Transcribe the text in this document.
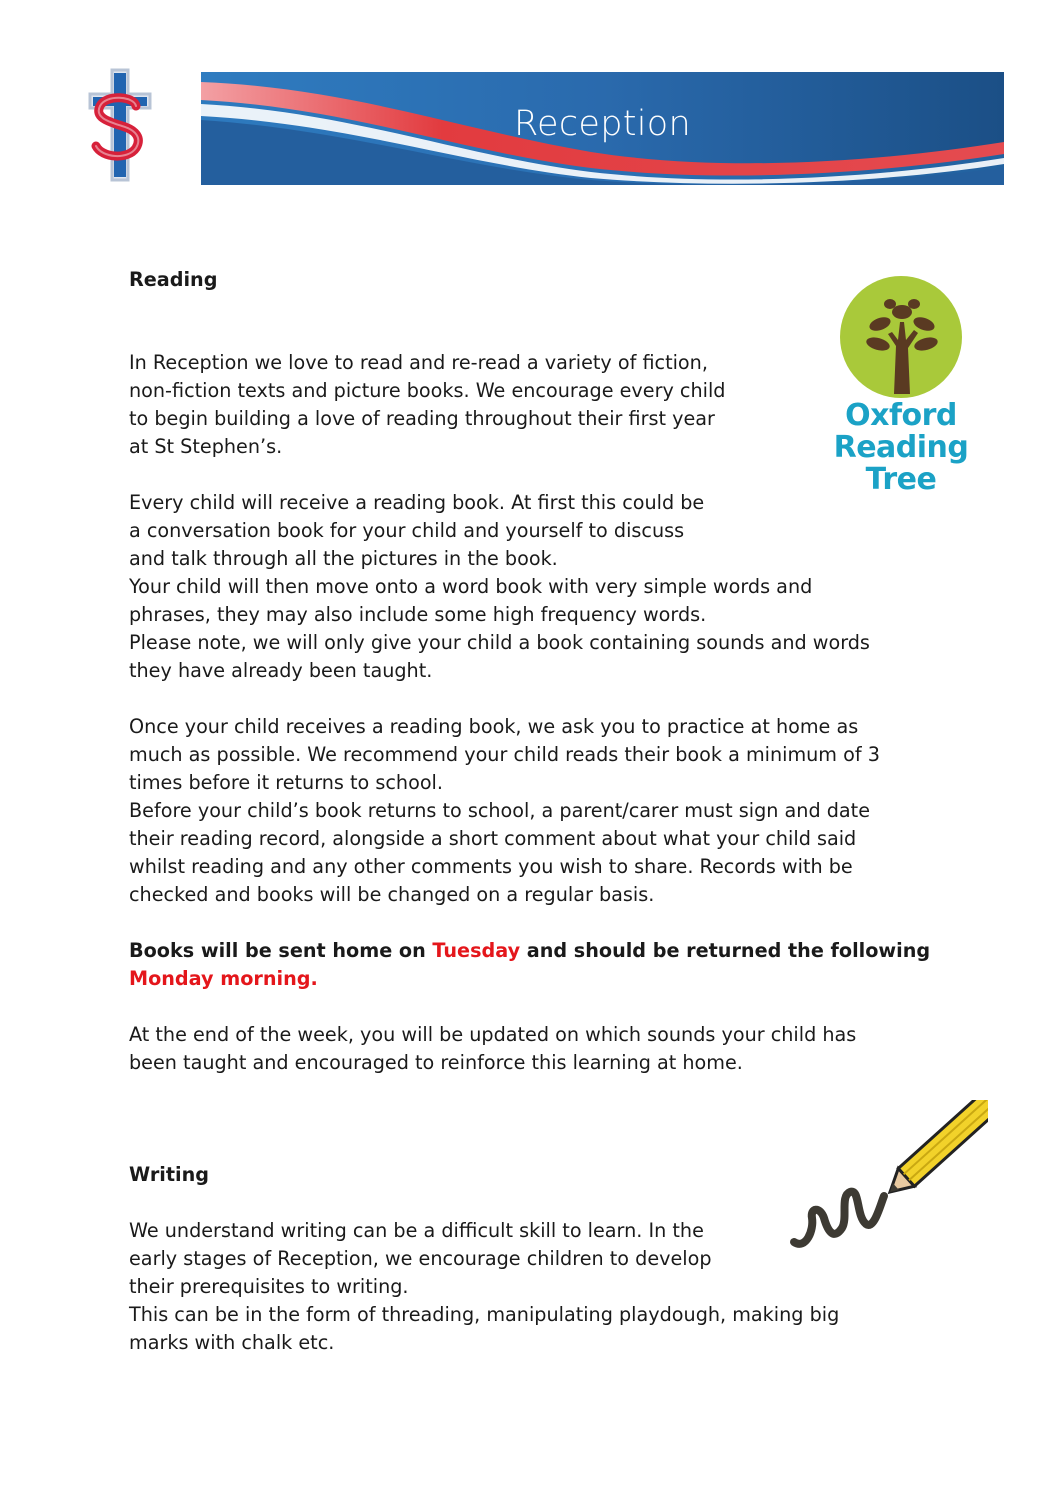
Reception
Oxford
Reading
Tree

Reading

In Reception we love to read and re-read a variety of fiction,
non-fiction texts and picture books. We encourage every child
to begin building a love of reading throughout their first year
at St Stephen’s.

Every child will receive a reading book. At first this could be
a conversation book for your child and yourself to discuss
and talk through all the pictures in the book.
Your child will then move onto a word book with very simple words and
phrases, they may also include some high frequency words.
Please note, we will only give your child a book containing sounds and words
they have already been taught.

Once your child receives a reading book, we ask you to practice at home as
much as possible. We recommend your child reads their book a minimum of 3
times before it returns to school.
Before your child’s book returns to school, a parent/carer must sign and date
their reading record, alongside a short comment about what your child said
whilst reading and any other comments you wish to share. Records with be
checked and books will be changed on a regular basis.

Books will be sent home on Tuesday and should be returned the following
Monday morning.

At the end of the week, you will be updated on which sounds your child has
been taught and encouraged to reinforce this learning at home.

Writing

We understand writing can be a difficult skill to learn. In the
early stages of Reception, we encourage children to develop
their prerequisites to writing.
This can be in the form of threading, manipulating playdough, making big
marks with chalk etc.
